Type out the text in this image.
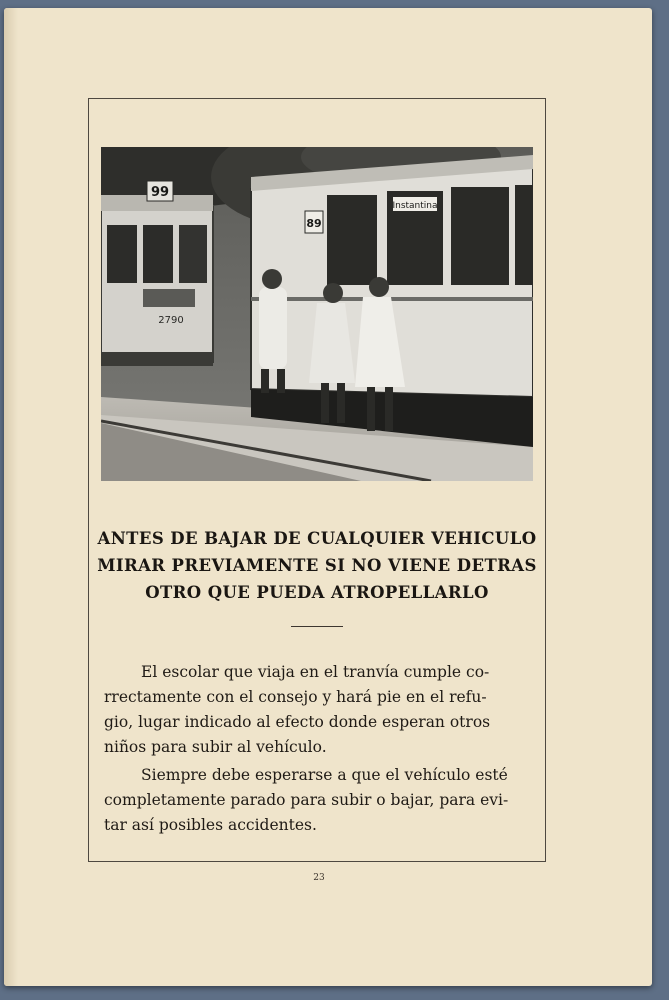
99
2790
Instantina
89
ANTES DE BAJAR DE CUALQUIER VEHICULO
MIRAR PREVIAMENTE SI NO VIENE DETRAS
OTRO QUE PUEDA ATROPELLARLO
El escolar que viaja en el tranvía cumple co-
rrectamente con el consejo y hará pie en el refu-
gio, lugar indicado al efecto donde esperan otros
niños para subir al vehículo.
Siempre debe esperarse a que el vehículo esté
completamente parado para subir o bajar, para evi-
tar así posibles accidentes.
23
